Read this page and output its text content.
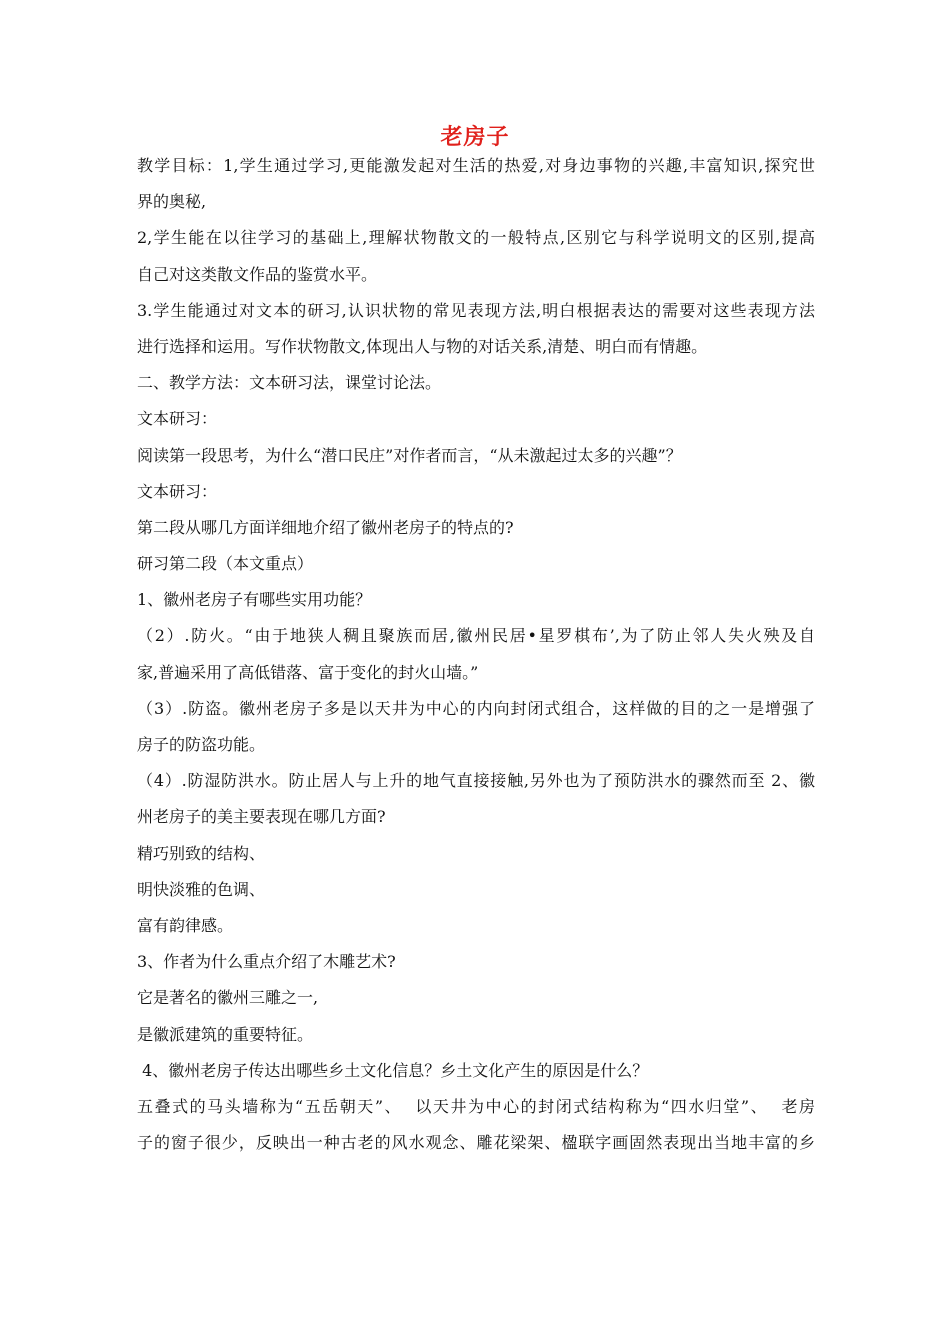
老房子
教学目标：1,学生通过学习,更能激发起对生活的热爱,对身边事物的兴趣,丰富知识,探究世
界的奥秘,
2,学生能在以往学习的基础上,理解状物散文的一般特点,区别它与科学说明文的区别,提高
自己对这类散文作品的鉴赏水平。
3.学生能通过对文本的研习,认识状物的常见表现方法,明白根据表达的需要对这些表现方法
进行选择和运用。写作状物散文,体现出人与物的对话关系,清楚、明白而有情趣。
二、教学方法：文本研习法，课堂讨论法。
文本研习：
阅读第一段思考，为什么“潜口民庄”对作者而言，“从未激起过太多的兴趣”？
文本研习：
第二段从哪几方面详细地介绍了徽州老房子的特点的?
研习第二段（本文重点）
1、徽州老房子有哪些实用功能？
（2）.防火。“由于地狭人稠且聚族而居,徽州民居•星罗棋布’,为了防止邻人失火殃及自
家,普遍采用了高低错落、富于变化的封火山墙。”
（3）.防盗。徽州老房子多是以天井为中心的内向封闭式组合，这样做的目的之一是增强了
房子的防盗功能。
（4）.防湿防洪水。防止居人与上升的地气直接接触,另外也为了预防洪水的骤然而至 2、徽
州老房子的美主要表现在哪几方面?
精巧别致的结构、
明快淡雅的色调、
富有韵律感。
3、作者为什么重点介绍了木雕艺术?
它是著名的徽州三雕之一,
是徽派建筑的重要特征。
4、徽州老房子传达出哪些乡土文化信息？乡土文化产生的原因是什么？
五叠式的马头墙称为“五岳朝天”、  以天井为中心的封闭式结构称为“四水归堂”、  老房
子的窗子很少，反映出一种古老的风水观念、雕花梁架、楹联字画固然表现出当地丰富的乡
